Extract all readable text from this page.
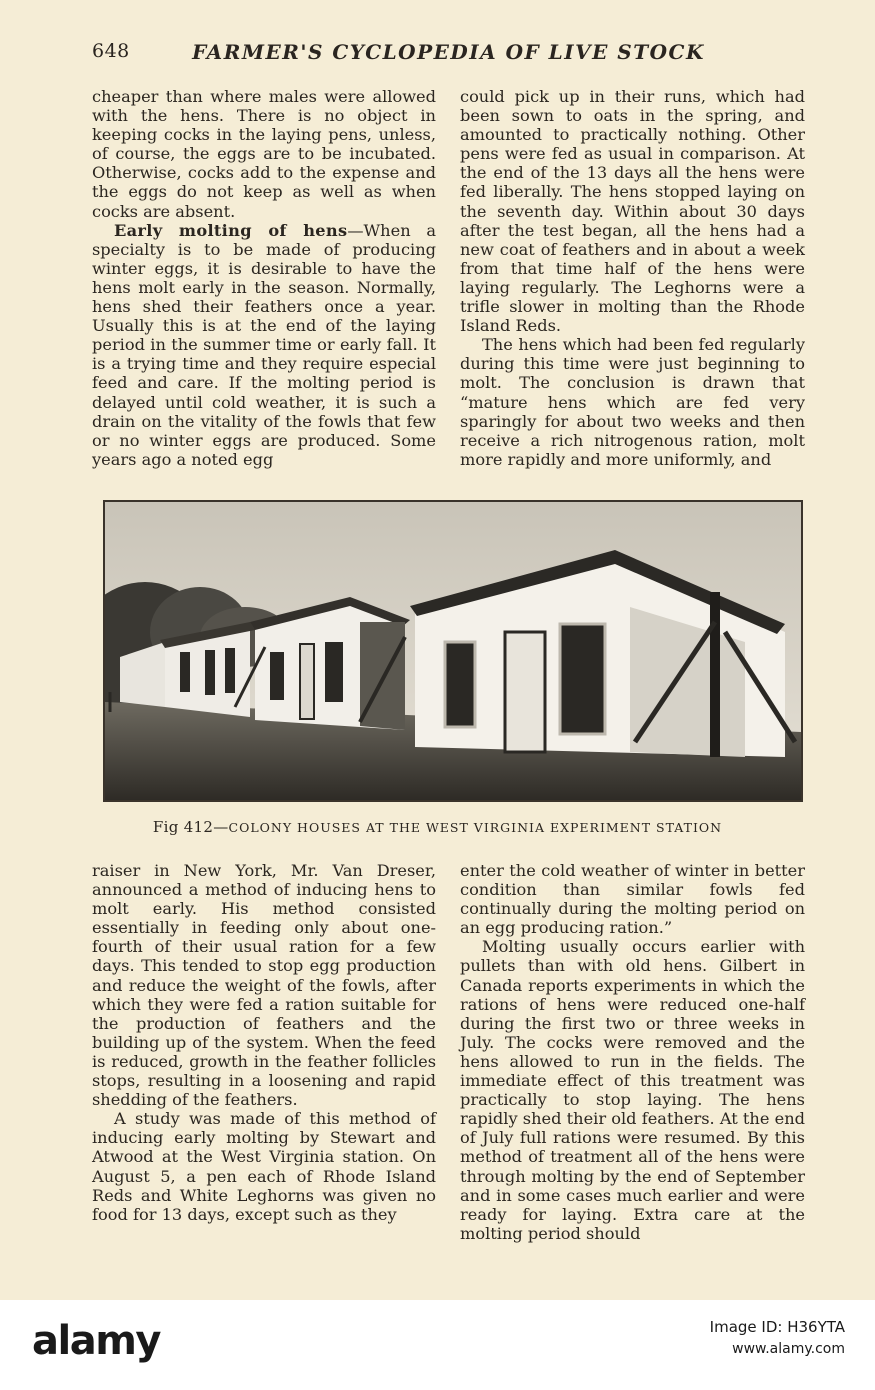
648	FARMER'S CYCLOPEDIA OF LIVE STOCK

cheaper than where males were allowed with the hens. There is no object in keeping cocks in the laying pens, unless, of course, the eggs are to be incubated. Otherwise, cocks add to the expense and the eggs do not keep as well as when cocks are absent.

Early molting of hens—When a specialty is to be made of producing winter eggs, it is desirable to have the hens molt early in the season. Normally, hens shed their feathers once a year. Usually this is at the end of the laying period in the summer time or early fall. It is a trying time and they require especial feed and care. If the molting period is delayed until cold weather, it is such a drain on the vitality of the fowls that few or no winter eggs are produced. Some years ago a noted egg

could pick up in their runs, which had been sown to oats in the spring, and amounted to practically nothing. Other pens were fed as usual in comparison. At the end of the 13 days all the hens were fed liberally. The hens stopped laying on the seventh day. Within about 30 days after the test began, all the hens had a new coat of feathers and in about a week from that time half of the hens were laying regularly. The Leghorns were a trifle slower in molting than the Rhode Island Reds.

The hens which had been fed regularly during this time were just beginning to molt. The conclusion is drawn that “mature hens which are fed very sparingly for about two weeks and then receive a rich nitrogenous ration, molt more rapidly and more uniformly, and

Fig 412—COLONY HOUSES AT THE WEST VIRGINIA EXPERIMENT STATION

raiser in New York, Mr. Van Dreser, announced a method of inducing hens to molt early. His method consisted essentially in feeding only about one-fourth of their usual ration for a few days. This tended to stop egg production and reduce the weight of the fowls, after which they were fed a ration suitable for the production of feathers and the building up of the system. When the feed is reduced, growth in the feather follicles stops, resulting in a loosening and rapid shedding of the feathers.

A study was made of this method of inducing early molting by Stewart and Atwood at the West Virginia station. On August 5, a pen each of Rhode Island Reds and White Leghorns was given no food for 13 days, except such as they

enter the cold weather of winter in better condition than similar fowls fed continually during the molting period on an egg producing ration.”

Molting usually occurs earlier with pullets than with old hens. Gilbert in Canada reports experiments in which the rations of hens were reduced one-half during the first two or three weeks in July. The cocks were removed and the hens allowed to run in the fields. The immediate effect of this treatment was practically to stop laying. The hens rapidly shed their old feathers. At the end of July full rations were resumed. By this method of treatment all of the hens were through molting by the end of September and in some cases much earlier and were ready for laying. Extra care at the molting period should

alamy	Image ID: H36YTA
www.alamy.com
